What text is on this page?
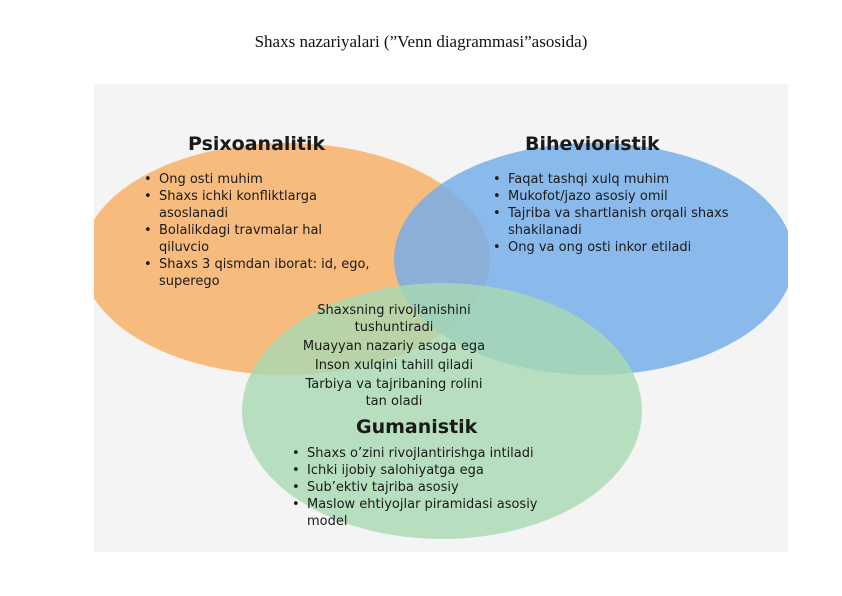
Shaxs nazariyalari (”Venn diagrammasi”asosida)
Psixoanalitik
• Ong osti muhim
• Shaxs ichki konfliktlarga asoslanadi
• Bolalikdagi travmalar hal qiluvcio
• Shaxs 3 qismdan iborat: id, ego, superego
Bihevioristik
• Faqat tashqi xulq muhim
• Mukofot/jazo asosiy omil
• Tajriba va shartlanish orqali shaxs shakilanadi
• Ong va ong osti inkor etiladi
Shaxsning rivojlanishini tushuntiradi
Muayyan nazariy asoga ega
Inson xulqini tahill qiladi
Tarbiya va tajribaning rolini tan oladi
Gumanistik
• Shaxs o’zini rivojlantirishga intiladi
• Ichki ijobiy salohiyatga ega
• Sub’ektiv tajriba asosiy
• Maslow ehtiyojlar piramidasi asosiy model
